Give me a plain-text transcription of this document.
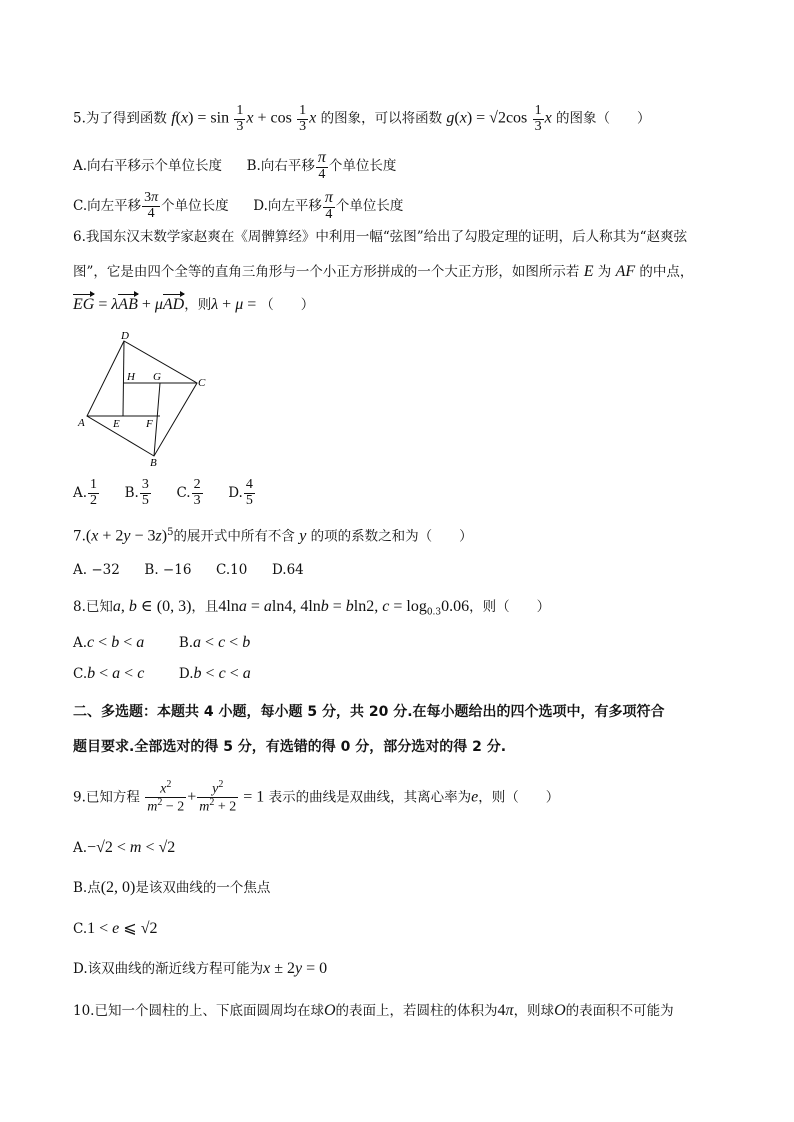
5.为了得到函数 $f(x) = \sin \frac{1}{3}$ $x + \cos \frac{1}{3}$ x 的图象，可以将函数 $g(x) = √2\cos \frac{1}{3}$ x 的图象（　　）
A.向右平移示个单位长度 B.向右平移 $\frac{\pi}{4}$ 个单位长度
C.向左平移 $\frac{3\pi}{4}$ 个单位长度 D.向左平移 $\frac{\pi}{4}$ 个单位长度
6.我国东汉末数学家赵爽在《周髀算经》中利用一幅“弦图”给出了勾股定理的证明，后人称其为“赵爽弦
图”，它是由四个全等的直角三角形与一个小正方形拼成的一个大正方形，如图所示若 E 为 AF 的中点，
EG = λAB + μAD，则λ + μ = （　　）
D
H G	C
A	E F
B
A. $\frac{1}{2} B$. $\frac{3}{5} C$. $\frac{2}{3} D$. $\frac{4}{5}$
$7.(x + 2y - 3z)^5$的展开式中所有不含 y 的项的系数之和为（　　）
A. −32 B. −16 C.10 D.64
8.已知a, b ∈ (0, 3)，且4lna = aln4, 4lnb = bln2, $c = \log_{0.3}0.06$，则（　　）
A.c < b < a	B.a < c < b
C.b < a < c	D.b < c < a
二、多选题：本题共 4 小题，每小题 5 分，共 20 分.在每小题给出的四个选项中，有多项符合
题目要求.全部选对的得 5 分，有选错的得 0 分，部分选对的得 2 分.
9.已知方程 $\frac{x^2}{m^2 - 2} + \frac{y^2}{m^2 + 2} = 1$ 表示的曲线是双曲线，其离心率为e，则（　　）
A.−√2 < m < √2
B.点(2, 0)是该双曲线的一个焦点
C.1 < e ⩽ √2
D.该双曲线的渐近线方程可能为x ± 2y = 0
10.已知一个圆柱的上、下底面圆周均在球O的表面上，若圆柱的体积为4π，则球O的表面积不可能为
